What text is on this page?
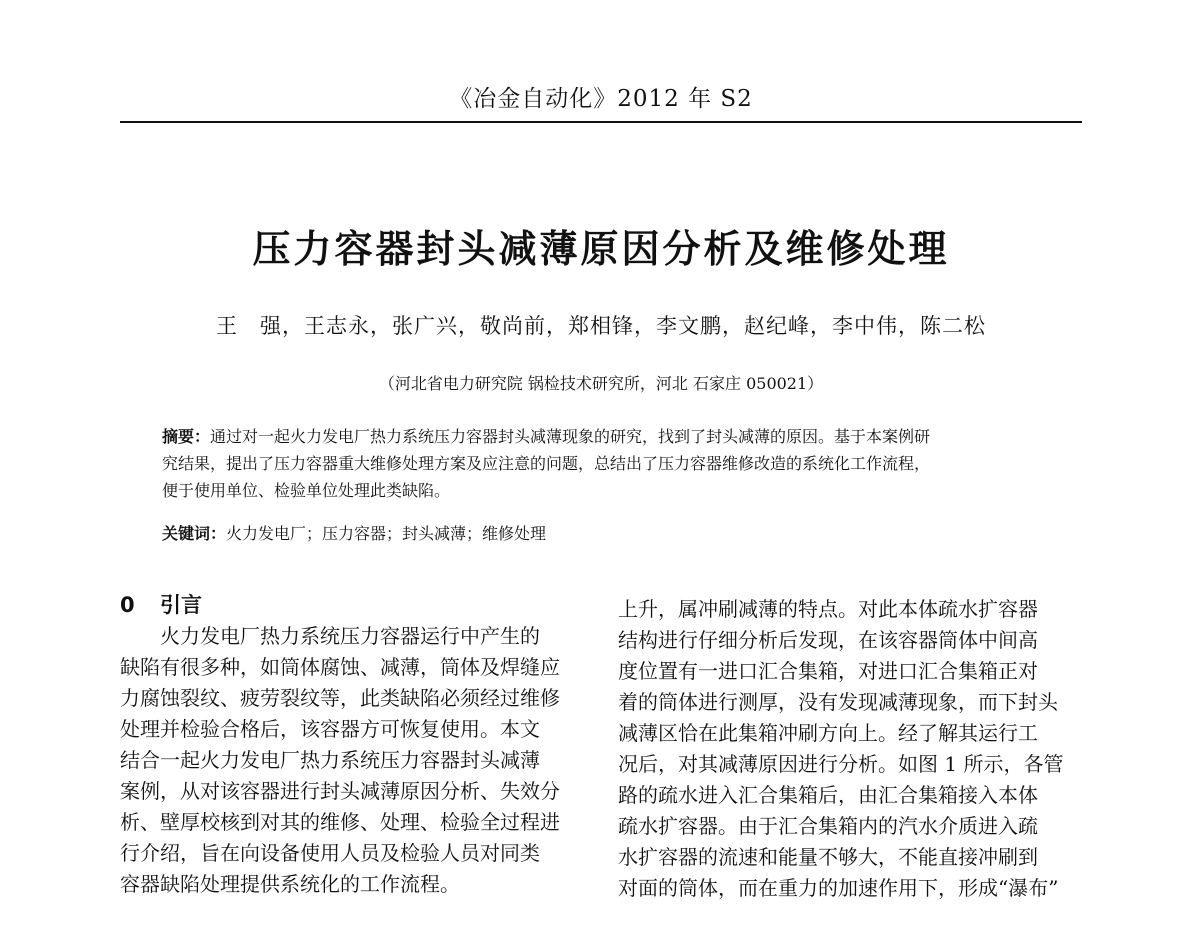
《冶金自动化》2012 年 S2
压力容器封头减薄原因分析及维修处理
王　强，王志永，张广兴，敬尚前，郑相锋，李文鹏，赵纪峰，李中伟，陈二松
（河北省电力研究院 锅检技术研究所，河北 石家庄 050021）
摘要：通过对一起火力发电厂热力系统压力容器封头减薄现象的研究，找到了封头减薄的原因。基于本案例研
究结果，提出了压力容器重大维修处理方案及应注意的问题，总结出了压力容器维修改造的系统化工作流程，
便于使用单位、检验单位处理此类缺陷。
关键词：火力发电厂；压力容器；封头减薄；维修处理
0 引言
火力发电厂热力系统压力容器运行中产生的
缺陷有很多种，如筒体腐蚀、减薄，筒体及焊缝应
力腐蚀裂纹、疲劳裂纹等，此类缺陷必须经过维修
处理并检验合格后，该容器方可恢复使用。本文
结合一起火力发电厂热力系统压力容器封头减薄
案例，从对该容器进行封头减薄原因分析、失效分
析、壁厚校核到对其的维修、处理、检验全过程进
行介绍，旨在向设备使用人员及检验人员对同类
容器缺陷处理提供系统化的工作流程。
上升，属冲刷减薄的特点。对此本体疏水扩容器
结构进行仔细分析后发现，在该容器筒体中间高
度位置有一进口汇合集箱，对进口汇合集箱正对
着的筒体进行测厚，没有发现减薄现象，而下封头
减薄区恰在此集箱冲刷方向上。经了解其运行工
况后，对其减薄原因进行分析。如图 1 所示，各管
路的疏水进入汇合集箱后，由汇合集箱接入本体
疏水扩容器。由于汇合集箱内的汽水介质进入疏
水扩容器的流速和能量不够大，不能直接冲刷到
对面的筒体，而在重力的加速作用下，形成“瀑布”
